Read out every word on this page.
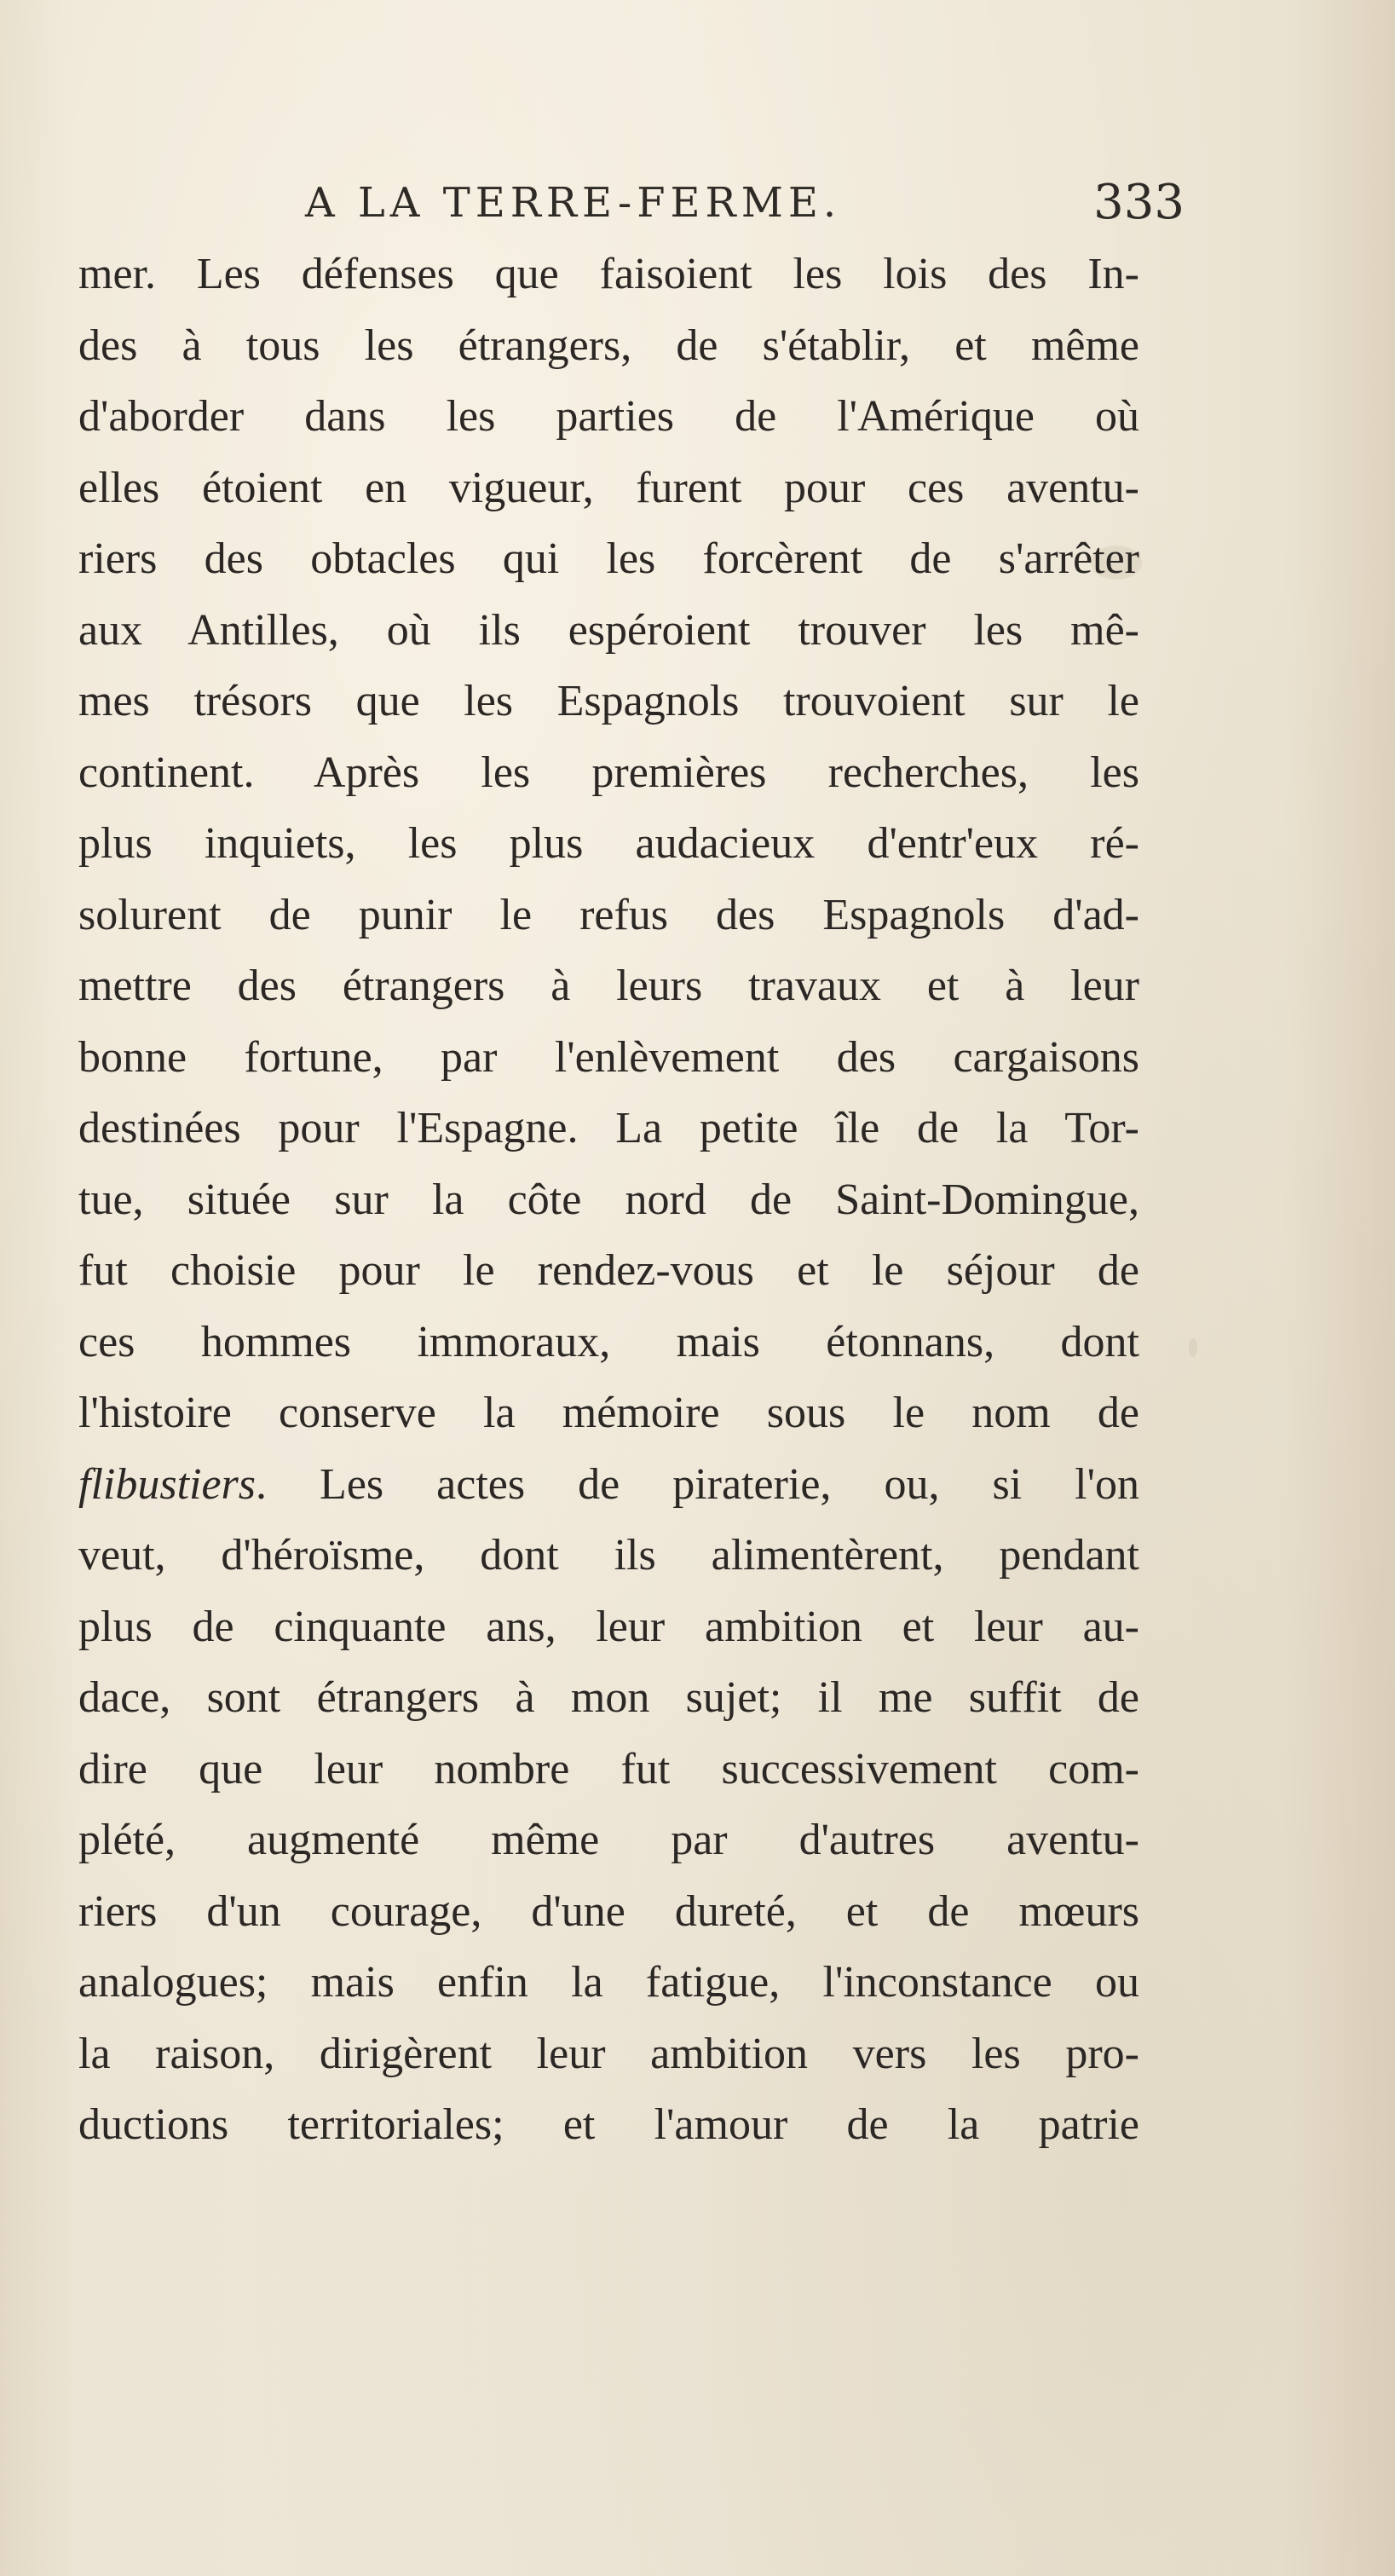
A LA TERRE-FERME.	333
mer. Les défenses que faisoient les lois des In-
des à tous les étrangers, de s'établir, et même
d'aborder dans les parties de l'Amérique où
elles étoient en vigueur, furent pour ces aventu-
riers des obtacles qui les forcèrent de s'arrêter
aux Antilles, où ils espéroient trouver les mê-
mes trésors que les Espagnols trouvoient sur le
continent. Après les premières recherches, les
plus inquiets, les plus audacieux d'entr'eux ré-
solurent de punir le refus des Espagnols d'ad-
mettre des étrangers à leurs travaux et à leur
bonne fortune, par l'enlèvement des cargaisons
destinées pour l'Espagne. La petite île de la Tor-
tue, située sur la côte nord de Saint-Domingue,
fut choisie pour le rendez-vous et le séjour de
ces hommes immoraux, mais étonnans, dont
l'histoire conserve la mémoire sous le nom de
flibustiers. Les actes de piraterie, ou, si l'on
veut, d'héroïsme, dont ils alimentèrent, pendant
plus de cinquante ans, leur ambition et leur au-
dace, sont étrangers à mon sujet; il me suffit de
dire que leur nombre fut successivement com-
plété, augmenté même par d'autres aventu-
riers d'un courage, d'une dureté, et de mœurs
analogues; mais enfin la fatigue, l'inconstance ou
la raison, dirigèrent leur ambition vers les pro-
ductions territoriales; et l'amour de la patrie
